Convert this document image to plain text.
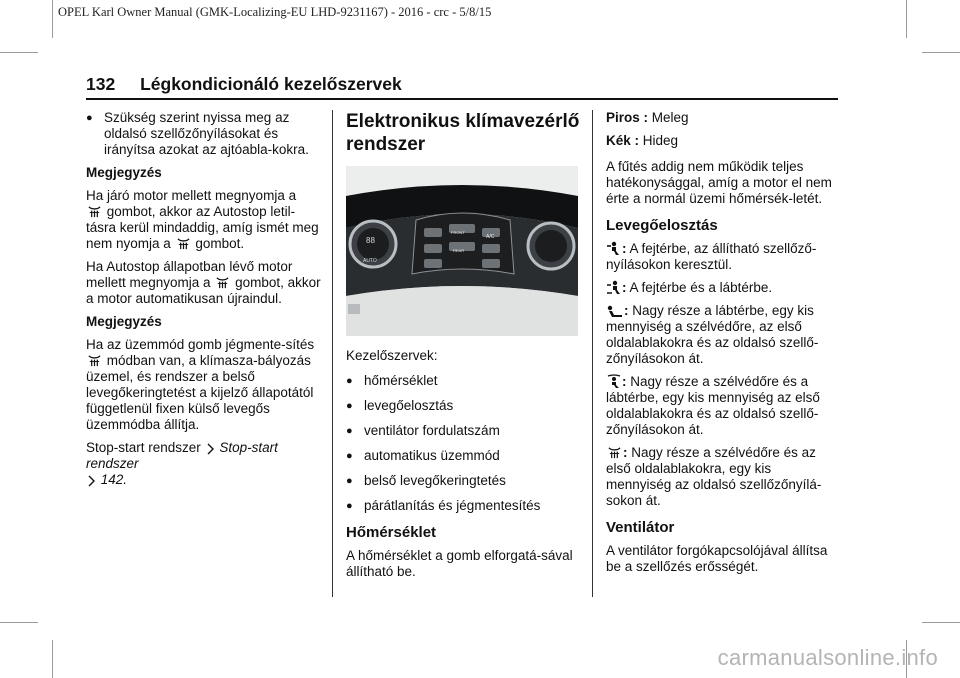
OPEL Karl Owner Manual (GMK-Localizing-EU LHD-9231167) - 2016 - crc - 5/8/15
132 Légkondicionáló kezelőszervek
● Szükség szerint nyissa meg az oldalsó szellőzőnyílásokat és irányítsa azokat az ajtóabla-kokra.

Megjegyzés

Ha járó motor mellett megnyomja a

gombot, akkor az Autostop letil-tásra kerül mindaddig, amíg ismét meg nem nyomja a gombot.

Ha Autostop állapotban lévő motor mellett megnyomja a gombot, akkor a motor automatikusan újraindul.

Megjegyzés

Ha az üzemmód gomb jégmente-sítés
módban van, a klímasza-bályozás üzemel, és rendszer a belső levegőkeringtetést a kijelző állapotától függetlenül fixen külső levegős üzemmódba állítja.

Stop-start rendszer
Stop-start rendszer

142.

Elektronikus klímavezérlő rendszer
88
AUTO
FRONT
REAR
A/C

Kezelőszervek:

● hőmérséklet
● levegőelosztás
● ventilátor fordulatszám
● automatikus üzemmód
● belső levegőkeringtetés
● párátlanítás és jégmentesítés
Hőmérséklet

A hőmérséklet a gomb elforgatá-sával állítható be.

Piros : Meleg

Kék : Hideg

A fűtés addig nem működik teljes hatékonysággal, amíg a motor el nem érte a normál üzemi hőmérsék-letét.

Levegőelosztás

: A fejtérbe, az állítható szellőző-nyílásokon keresztül.

: A fejtérbe és a lábtérbe.

: Nagy része a lábtérbe, egy kis mennyiség a szélvédőre, az első oldalablakokra és az oldalsó szellő-zőnyílásokon át.

: Nagy része a szélvédőre és a lábtérbe, egy kis mennyiség az első oldalablakokra és az oldalsó szellő-zőnyílásokon át.

: Nagy része a szélvédőre és az első oldalablakokra, egy kis mennyiség az oldalsó szellőzőnyílá-sokon át.

Ventilátor

A ventilátor forgókapcsolójával állítsa be a szellőzés erősségét.

carmanualsonline.info
